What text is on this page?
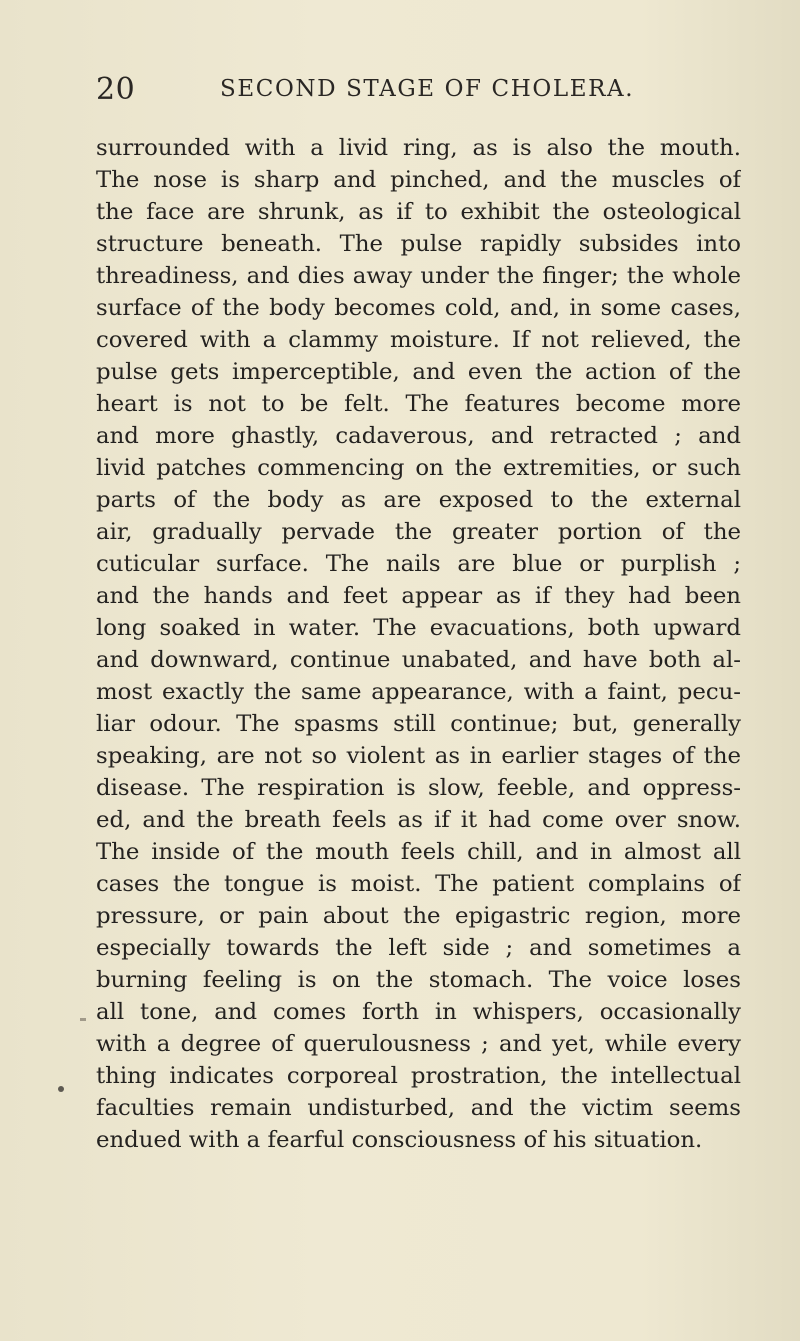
20	SECOND STAGE OF CHOLERA.
surrounded with a livid ring, as is also the mouth.
The nose is sharp and pinched, and the muscles of
the face are shrunk, as if to exhibit the osteological
structure beneath. The pulse rapidly subsides into
threadiness, and dies away under the finger; the whole
surface of the body becomes cold, and, in some cases,
covered with a clammy moisture. If not relieved, the
pulse gets imperceptible, and even the action of the
heart is not to be felt. The features become more
and more ghastly, cadaverous, and retracted ; and
livid patches commencing on the extremities, or such
parts of the body as are exposed to the external
air, gradually pervade the greater portion of the
cuticular surface. The nails are blue or purplish ;
and the hands and feet appear as if they had been
long soaked in water. The evacuations, both upward
and downward, continue unabated, and have both al-
most exactly the same appearance, with a faint, pecu-
liar odour. The spasms still continue; but, generally
speaking, are not so violent as in earlier stages of the
disease. The respiration is slow, feeble, and oppress-
ed, and the breath feels as if it had come over snow.
The inside of the mouth feels chill, and in almost all
cases the tongue is moist. The patient complains of
pressure, or pain about the epigastric region, more
especially towards the left side ; and sometimes a
burning feeling is on the stomach. The voice loses
all tone, and comes forth in whispers, occasionally
with a degree of querulousness ; and yet, while every
thing indicates corporeal prostration, the intellectual
faculties remain undisturbed, and the victim seems
endued with a fearful consciousness of his situation.
